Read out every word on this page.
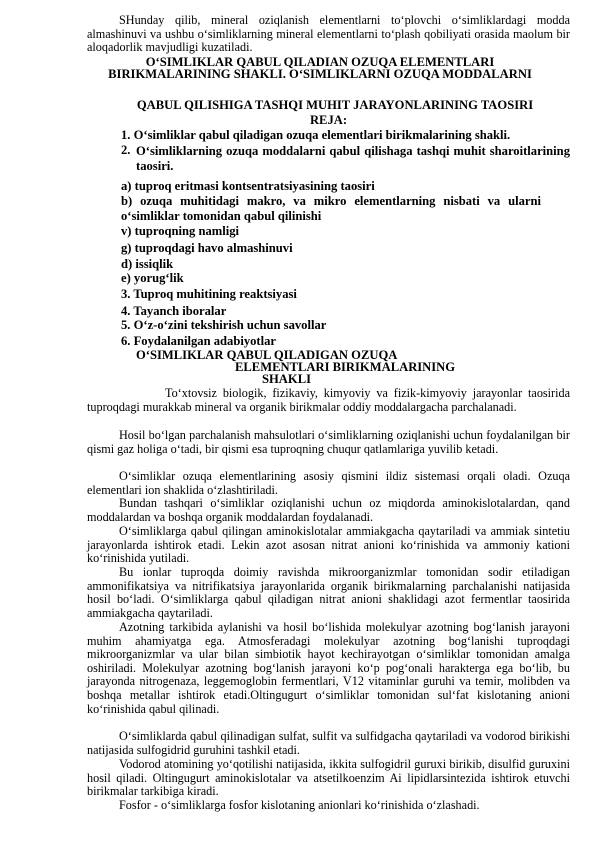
SHunday qilib, mineral oziqlanish elementlarni toʻplovchi oʻsimliklardagi modda almashinuvi va ushbu oʻsimliklarning mineral elementlarni toʻplash qobiliyati orasida maolum bir aloqadorlik mavjudligi kuzatiladi.

OʻSIMLIKLAR QABUL QILADIAN OZUQA ELEMENTLARI BIRIKMALARINING SHAKLI. OʻSIMLIKLARNI OZUQA MODDALARNI

QABUL QILISHIGA TASHQI MUHIT JARAYONLARINING TAOSIRI

REJA:

1. Oʻsimliklar qabul qiladigan ozuqa elementlari birikmalarining shakli.

2. Oʻsimliklarning ozuqa moddalarni qabul qilishaga tashqi muhit sharoitlarining taosiri.

a) tuproq eritmasi kontsentratsiyasining taosiri

b) ozuqa muhitidagi makro, va mikro elementlarning nisbati va ularni oʻsimliklar tomonidan qabul qilinishi

v) tuproqning namligi

g) tuproqdagi havo almashinuvi

d) issiqlik

e) yorugʻlik

3. Tuproq muhitining reaktsiyasi

4. Tayanch iboralar

5. Oʻz-oʻzini tekshirish uchun savollar

6. Foydalanilgan adabiyotlar

OʻSIMLIKLAR QABUL QILADIGAN OZUQA

ELEMENTLARI BIRIKMALARINING

SHAKLI

Toʻxtovsiz biologik, fizikaviy, kimyoviy va fizik-kimyoviy jarayonlar taosirida tuproqdagi murakkab mineral va organik birikmalar oddiy moddalargacha parchalanadi.

Hosil boʻlgan parchalanish mahsulotlari oʻsimliklarning oziqlanishi uchun foydalanilgan bir qismi gaz holiga oʻtadi, bir qismi esa tuproqning chuqur qatlamlariga yuvilib ketadi.

Oʻsimliklar ozuqa elementlarining asosiy qismini ildiz sistemasi orqali oladi. Ozuqa elementlari ion shaklida oʻzlashtiriladi.

Bundan tashqari oʻsimliklar oziqlanishi uchun oz miqdorda aminokislotalardan, qand moddalardan va boshqa organik moddalardan foydalanadi.

Oʻsimliklarga qabul qilingan aminokislotalar ammiakgacha qaytariladi va ammiak sintetiu jarayonlarda ishtirok etadi. Lekin azot asosan nitrat anioni koʻrinishida va ammoniy kationi koʻrinishida yutiladi.

Bu ionlar tuproqda doimiy ravishda mikroorganizmlar tomonidan sodir etiladigan ammonifikatsiya va nitrifikatsiya jarayonlarida organik birikmalarning parchalanishi natijasida hosil boʻladi. Oʻsimliklarga qabul qiladigan nitrat anioni shaklidagi azot fermentlar taosirida ammiakgacha qaytariladi.

Azotning tarkibida aylanishi va hosil boʻlishida molekulyar azotning bogʻlanish jarayoni muhim ahamiyatga ega. Atmosferadagi molekulyar azotning bogʻlanishi tuproqdagi mikroorganizmlar va ular bilan simbiotik hayot kechirayotgan oʻsimliklar tomonidan amalga oshiriladi. Molekulyar azotning bogʻlanish jarayoni koʻp pogʻonali harakterga ega boʻlib, bu jarayonda nitrogenaza, leggemoglobin fermentlari, V12 vitaminlar guruhi va temir, molibden va boshqa metallar ishtirok etadi.Oltingugurt oʻsimliklar tomonidan sulʻfat kislotaning anioni koʻrinishida qabul qilinadi.

Oʻsimliklarda qabul qilinadigan sulfat, sulfit va sulfidgacha qaytariladi va vodorod birikishi natijasida sulfogidrid guruhini tashkil etadi.

Vodorod atomining yoʻqotilishi natijasida, ikkita sulfogidril guruxi birikib, disulfid guruxini hosil qiladi. Oltingugurt aminokislotalar va atsetilkoenzim Ai lipidlarsintezida ishtirok etuvchi birikmalar tarkibiga kiradi.

Fosfor - oʻsimliklarga fosfor kislotaning anionlari koʻrinishida oʻzlashadi.
